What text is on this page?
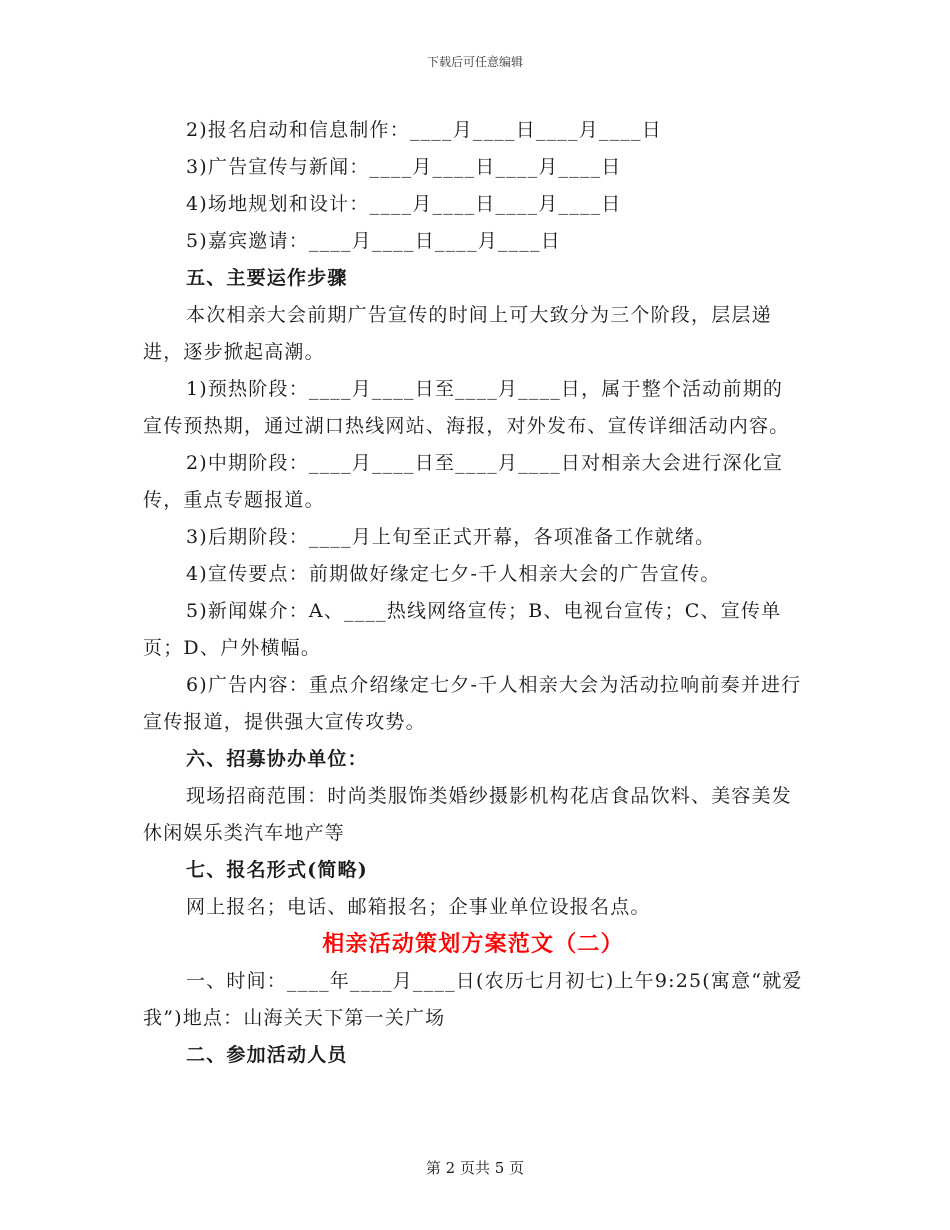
下载后可任意编辑

2)报名启动和信息制作：____月____日____月____日

3)广告宣传与新闻：____月____日____月____日

4)场地规划和设计：____月____日____月____日

5)嘉宾邀请：____月____日____月____日

五、主要运作步骤

本次相亲大会前期广告宣传的时间上可大致分为三个阶段，层层递进，逐步掀起高潮。

1)预热阶段：____月____日至____月____日，属于整个活动前期的宣传预热期，通过湖口热线网站、海报，对外发布、宣传详细活动内容。

2)中期阶段：____月____日至____月____日对相亲大会进行深化宣传，重点专题报道。

3)后期阶段：____月上旬至正式开幕，各项准备工作就绪。

4)宣传要点：前期做好缘定七夕-千人相亲大会的广告宣传。

5)新闻媒介：A、____热线网络宣传；B、电视台宣传；C、宣传单页；D、户外横幅。

6)广告内容：重点介绍缘定七夕-千人相亲大会为活动拉响前奏并进行宣传报道，提供强大宣传攻势。

六、招募协办单位：

现场招商范围：时尚类服饰类婚纱摄影机构花店食品饮料、美容美发休闲娱乐类汽车地产等

七、报名形式(简略)

网上报名；电话、邮箱报名；企事业单位设报名点。

相亲活动策划方案范文（二）

一、时间：____年____月____日(农历七月初七)上午9:25(寓意“就爱我”)地点：山海关天下第一关广场

二、参加活动人员

第 2 页共 5 页
